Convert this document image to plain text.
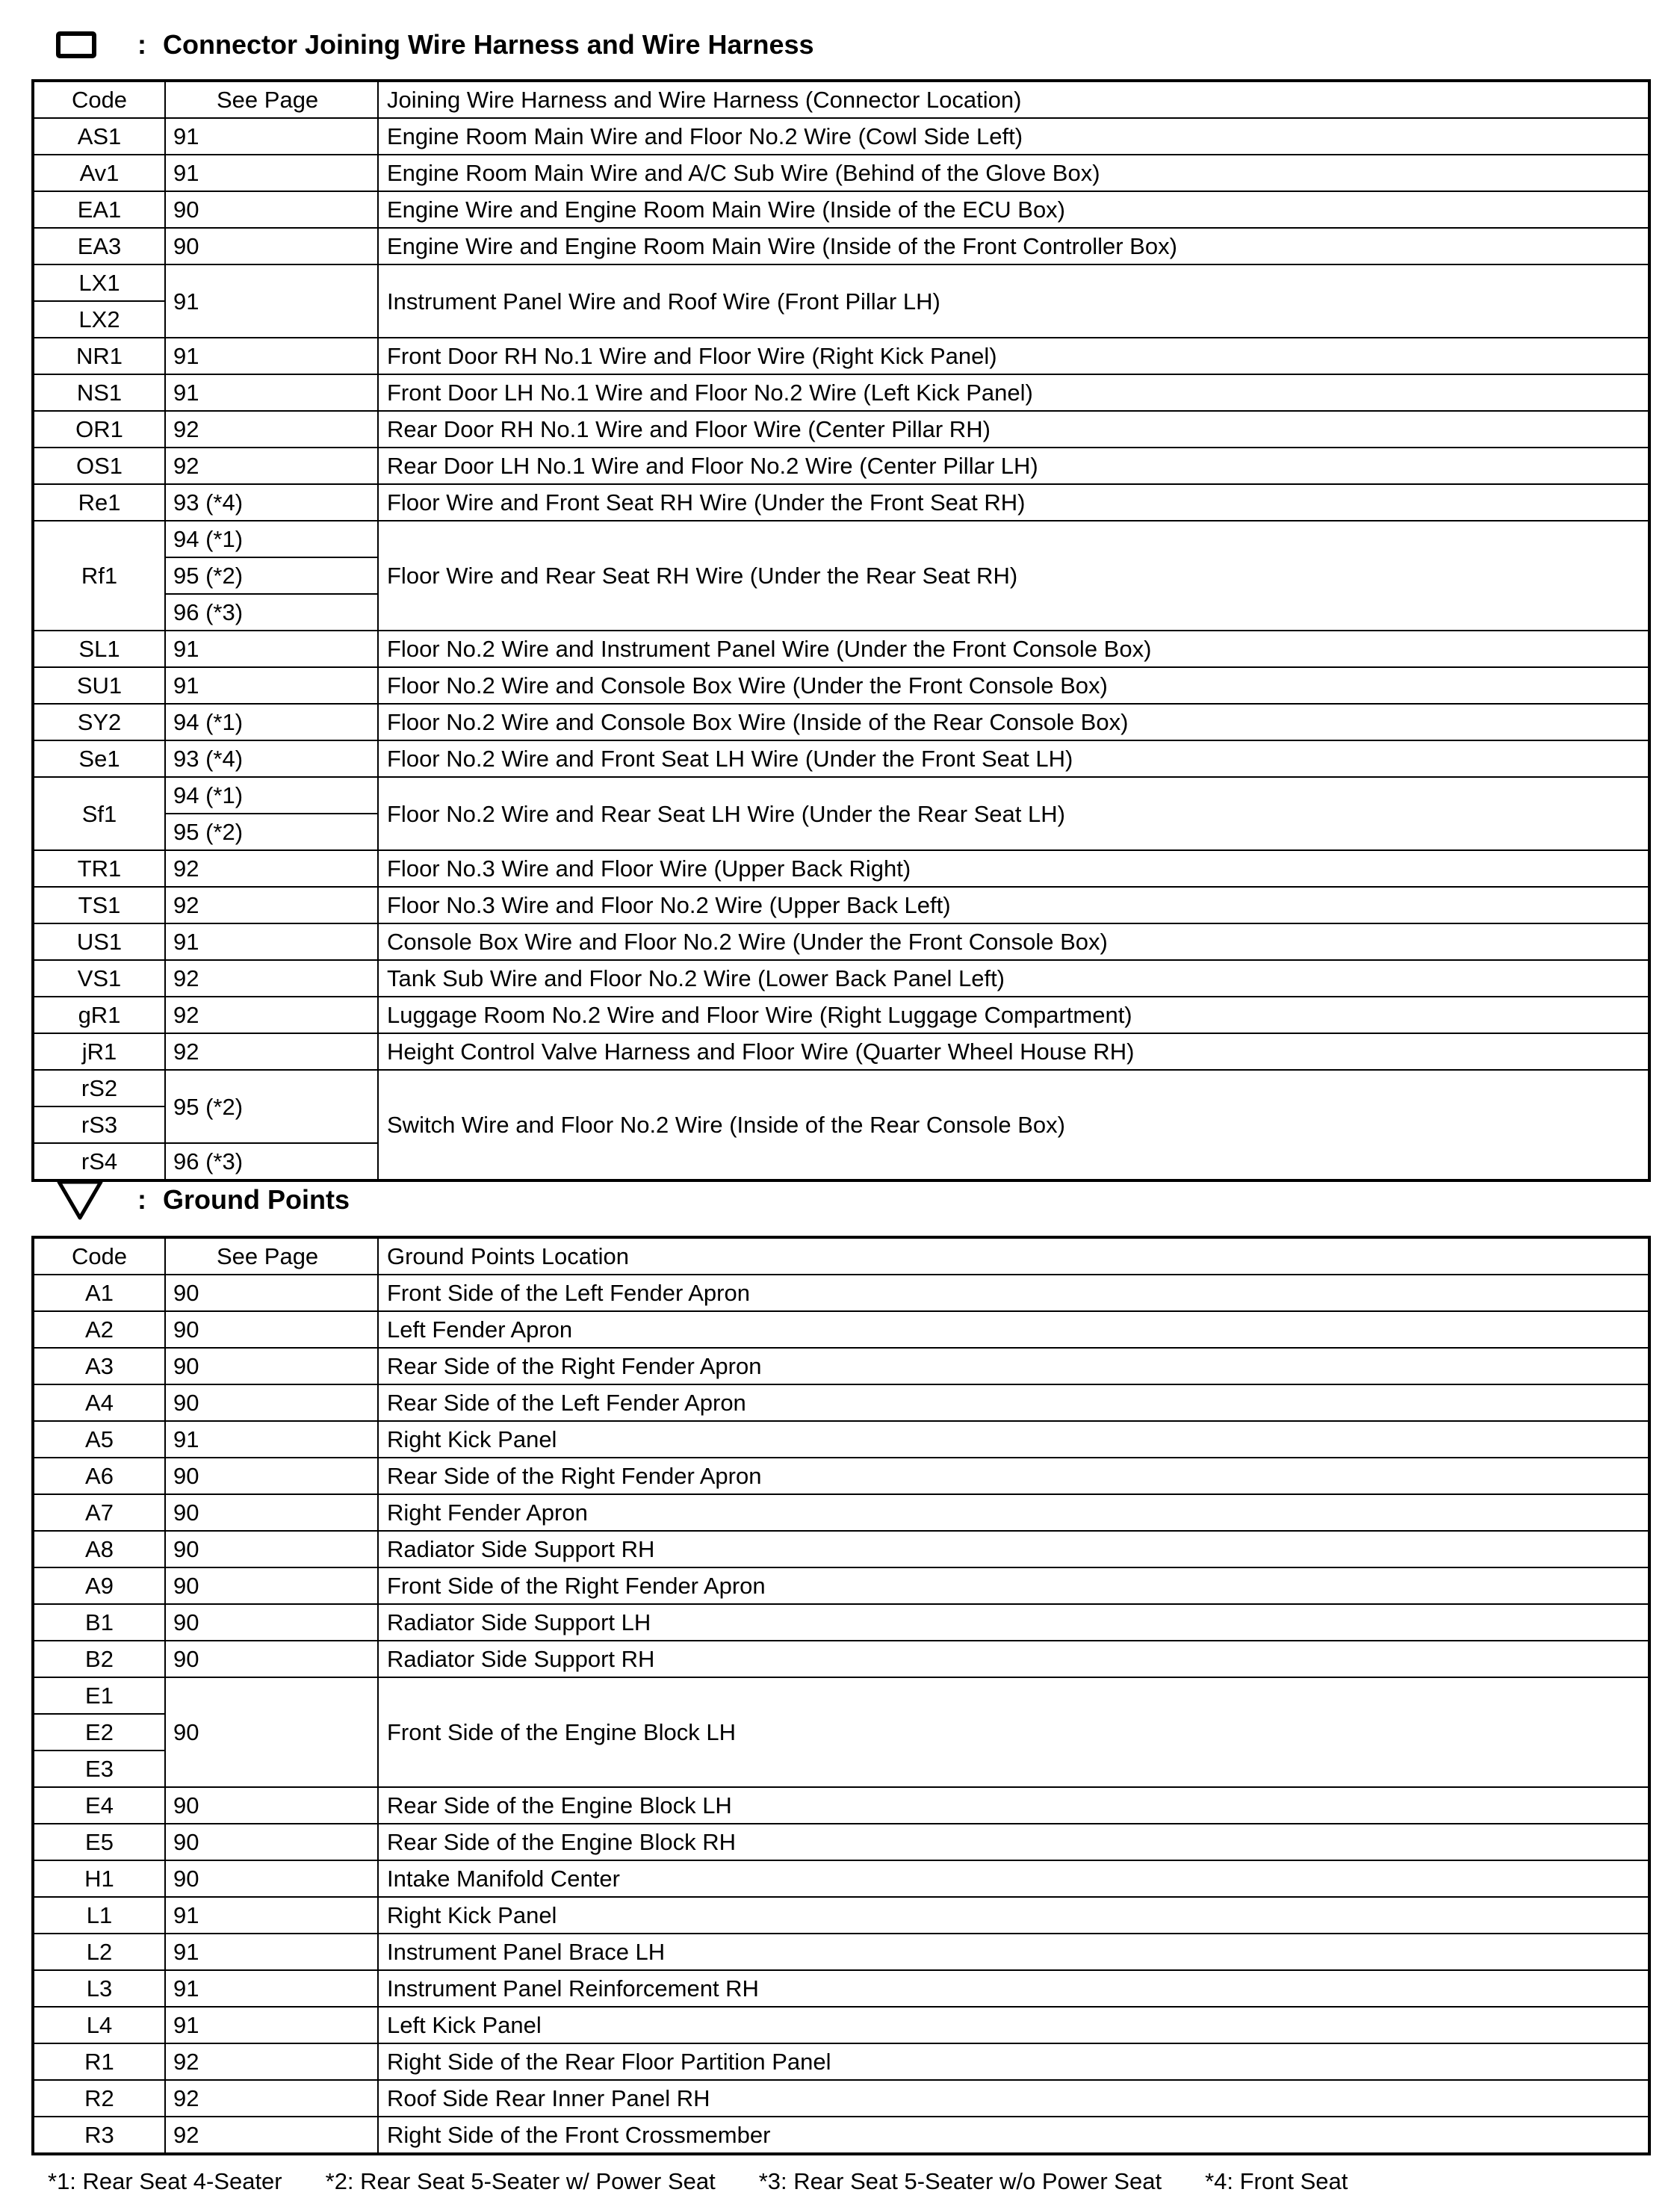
: Connector Joining Wire Harness and Wire Harness
Code	See Page	Joining Wire Harness and Wire Harness (Connector Location)
AS1	91	Engine Room Main Wire and Floor No.2 Wire (Cowl Side Left)
Av1	91	Engine Room Main Wire and A/C Sub Wire (Behind of the Glove Box)
EA1	90	Engine Wire and Engine Room Main Wire (Inside of the ECU Box)
EA3	90	Engine Wire and Engine Room Main Wire (Inside of the Front Controller Box)
LX1	91	Instrument Panel Wire and Roof Wire (Front Pillar LH)
LX2		
NR1	91	Front Door RH No.1 Wire and Floor Wire (Right Kick Panel)
NS1	91	Front Door LH No.1 Wire and Floor No.2 Wire (Left Kick Panel)
OR1	92	Rear Door RH No.1 Wire and Floor Wire (Center Pillar RH)
OS1	92	Rear Door LH No.1 Wire and Floor No.2 Wire (Center Pillar LH)
Re1	93 (*4)	Floor Wire and Front Seat RH Wire (Under the Front Seat RH)
Rf1	94 (*1)	Floor Wire and Rear Seat RH Wire (Under the Rear Seat RH)
	95 (*2)	
	96 (*3)	
SL1	91	Floor No.2 Wire and Instrument Panel Wire (Under the Front Console Box)
SU1	91	Floor No.2 Wire and Console Box Wire (Under the Front Console Box)
SY2	94 (*1)	Floor No.2 Wire and Console Box Wire (Inside of the Rear Console Box)
Se1	93 (*4)	Floor No.2 Wire and Front Seat LH Wire (Under the Front Seat LH)
Sf1	94 (*1)	Floor No.2 Wire and Rear Seat LH Wire (Under the Rear Seat LH)
	95 (*2)	
TR1	92	Floor No.3 Wire and Floor Wire (Upper Back Right)
TS1	92	Floor No.3 Wire and Floor No.2 Wire (Upper Back Left)
US1	91	Console Box Wire and Floor No.2 Wire (Under the Front Console Box)
VS1	92	Tank Sub Wire and Floor No.2 Wire (Lower Back Panel Left)
gR1	92	Luggage Room No.2 Wire and Floor Wire (Right Luggage Compartment)
jR1	92	Height Control Valve Harness and Floor Wire (Quarter Wheel House RH)
rS2	95 (*2)	Switch Wire and Floor No.2 Wire (Inside of the Rear Console Box)
rS3		
rS4	96 (*3)	
: Ground Points
Code	See Page	Ground Points Location
A1	90	Front Side of the Left Fender Apron
A2	90	Left Fender Apron
A3	90	Rear Side of the Right Fender Apron
A4	90	Rear Side of the Left Fender Apron
A5	91	Right Kick Panel
A6	90	Rear Side of the Right Fender Apron
A7	90	Right Fender Apron
A8	90	Radiator Side Support RH
A9	90	Front Side of the Right Fender Apron
B1	90	Radiator Side Support LH
B2	90	Radiator Side Support RH
E1	90	Front Side of the Engine Block LH
E2		
E3		
E4	90	Rear Side of the Engine Block LH
E5	90	Rear Side of the Engine Block RH
H1	90	Intake Manifold Center
L1	91	Right Kick Panel
L2	91	Instrument Panel Brace LH
L3	91	Instrument Panel Reinforcement RH
L4	91	Left Kick Panel
R1	92	Right Side of the Rear Floor Partition Panel
R2	92	Roof Side Rear Inner Panel RH
R3	92	Right Side of the Front Crossmember
*1: Rear Seat 4-Seater *2: Rear Seat 5-Seater w/ Power Seat *3: Rear Seat 5-Seater w/o Power Seat *4: Front Seat
